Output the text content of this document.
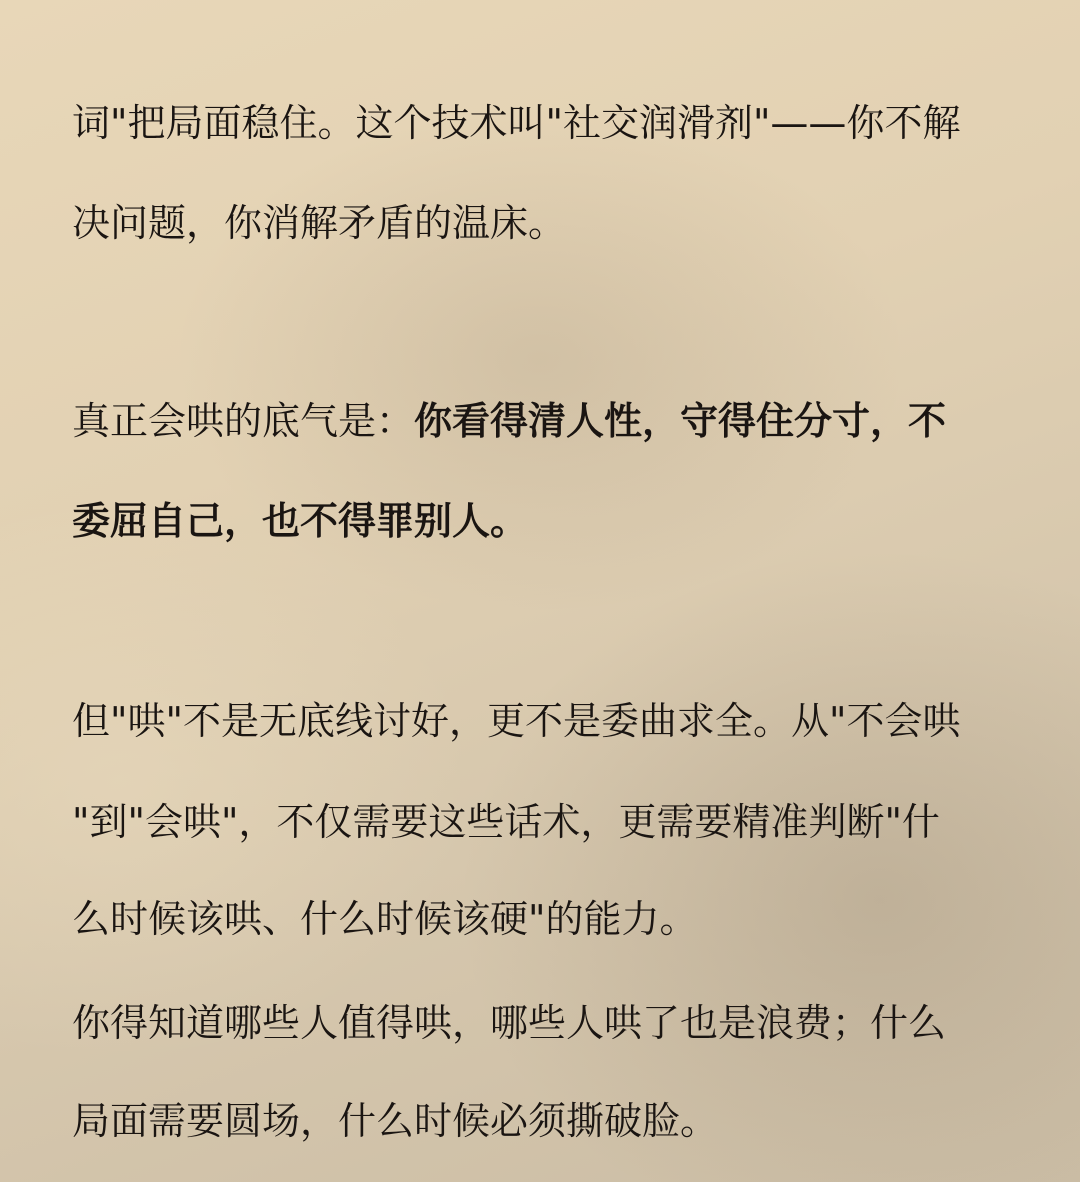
词"把局面稳住。这个技术叫"社交润滑剂"——你不解
决问题，你消解矛盾的温床。
真正会哄的底气是：你看得清人性，守得住分寸，不
委屈自己，也不得罪别人。
但"哄"不是无底线讨好，更不是委曲求全。从"不会哄
"到"会哄"，不仅需要这些话术，更需要精准判断"什
么时候该哄、什么时候该硬"的能力。
你得知道哪些人值得哄，哪些人哄了也是浪费；什么
局面需要圆场，什么时候必须撕破脸。
